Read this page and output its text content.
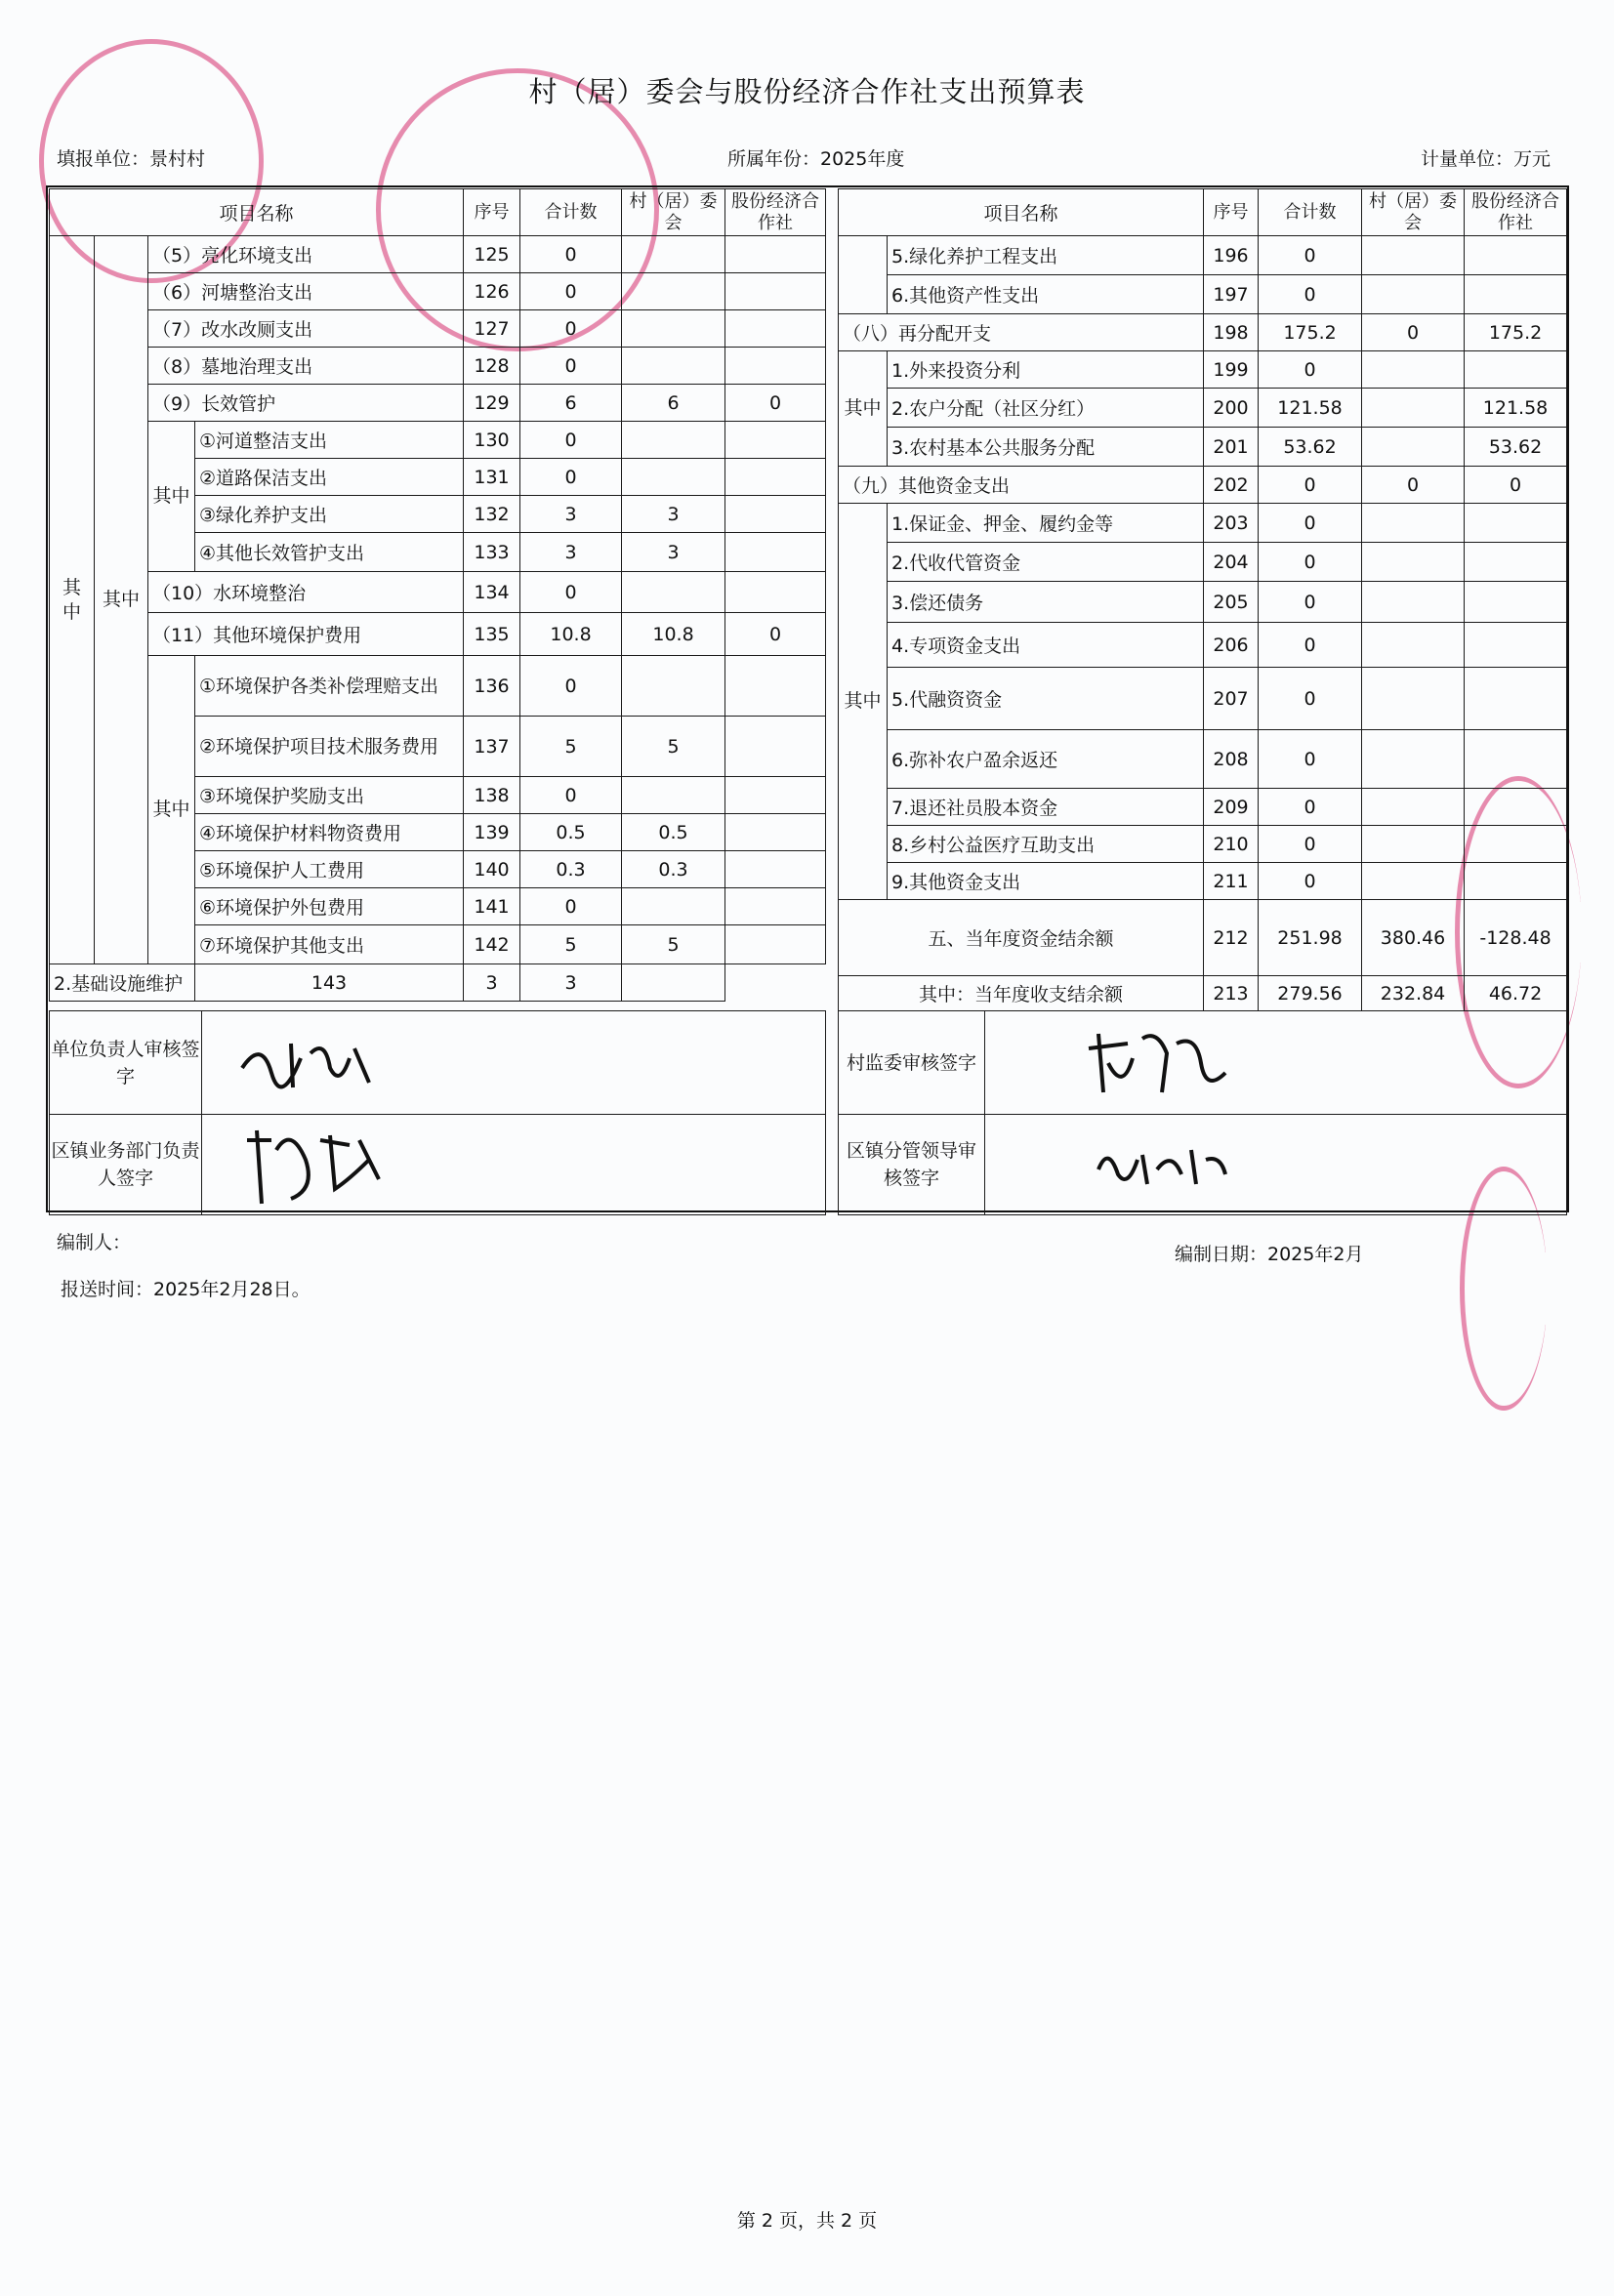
村（居）委会与股份经济合作社支出预算表
填报单位：景村村	所属年份：2025年度	计量单位：万元
项目名称				序号	合计数	村（居）委会	股份经济合作社
其中	其中	（5）亮化环境支出		125	0		
		（6）河塘整治支出		126	0		
		（7）改水改厕支出		127	0		
		（8）墓地治理支出		128	0		
		（9）长效管护		129	6	6	0
		其中	①河道整洁支出	130	0		
			②道路保洁支出	131	0		
			③绿化养护支出	132	3	3	
			④其他长效管护支出	133	3	3	
		（10）水环境整治		134	0		
		（11）其他环境保护费用		135	10.8	10.8	0
		其中	①环境保护各类补偿理赔支出	136	0		
			②环境保护项目技术服务费用	137	5	5	
			③环境保护奖励支出	138	0		
			④环境保护材料物资费用	139	0.5	0.5	
			⑤环境保护人工费用	140	0.3	0.3	
			⑥环境保护外包费用	141	0		
			⑦环境保护其他支出	142	5	5	
2.基础设施维护			143	3	3		
项目名称		序号	合计数	村（居）委会	股份经济合作社
	5.绿化养护工程支出	196	0		
	6.其他资产性支出	197	0		
（八）再分配开支		198	175.2	0	175.2
其中	1.外来投资分利	199	0		
	2.农户分配（社区分红）	200	121.58		121.58
	3.农村基本公共服务分配	201	53.62		53.62
（九）其他资金支出		202	0	0	0
其中	1.保证金、押金、履约金等	203	0		
	2.代收代管资金	204	0		
	3.偿还债务	205	0		
	4.专项资金支出	206	0		
	5.代融资资金	207	0		
	6.弥补农户盈余返还	208	0		
	7.退还社员股本资金	209	0		
	8.乡村公益医疗互助支出	210	0		
	9.其他资金支出	211	0		
五、当年度资金结余额		212	251.98	380.46	-128.48
其中：当年度收支结余额		213	279.56	232.84	46.72
单位负责人审核签字	

区镇业务部门负责人签字	
村监委审核签字	

区镇分管领导审核签字	
编制人：
编制日期：2025年2月
报送时间：2025年2月28日。
第 2 页，共 2 页
